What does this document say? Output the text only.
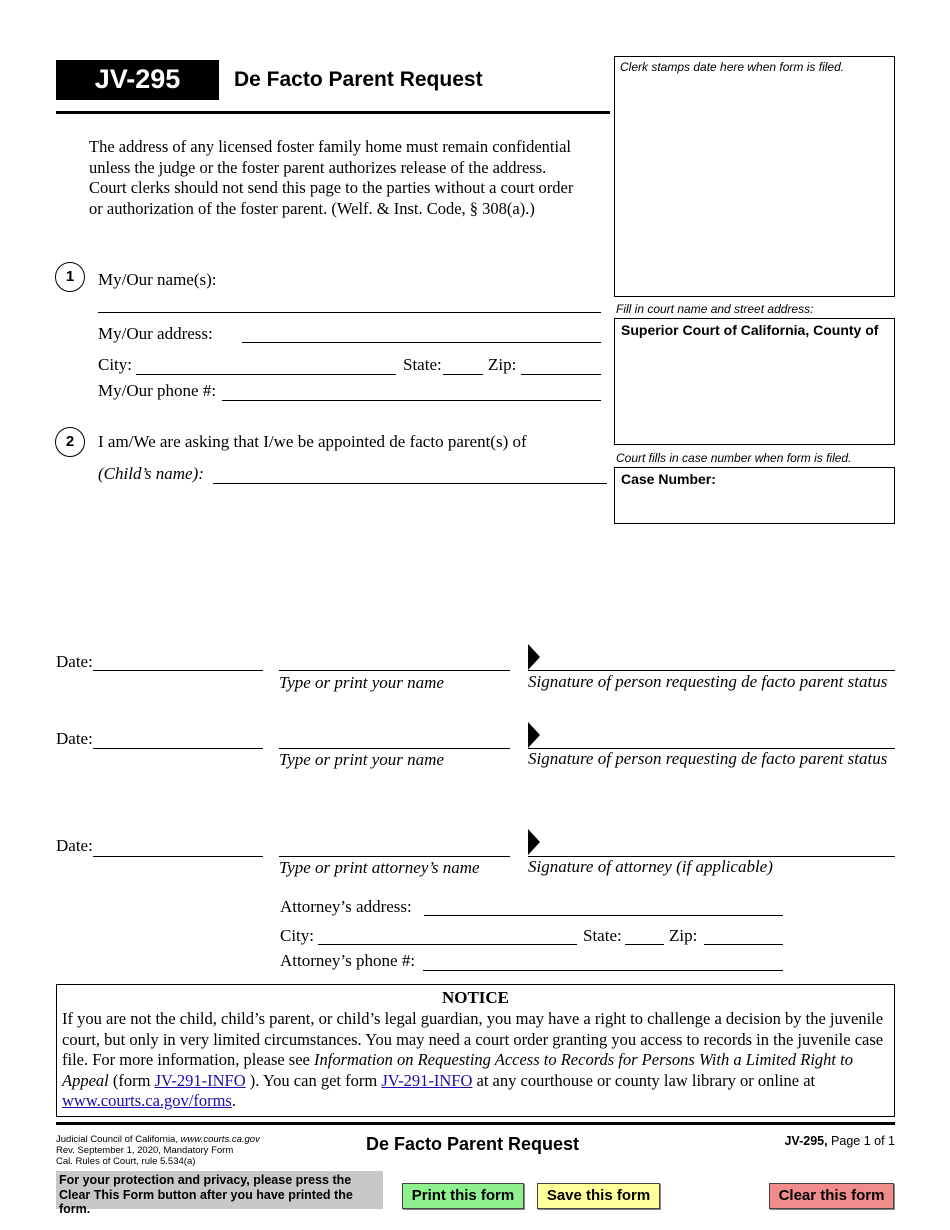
JV-295	De Facto Parent Request
Clerk stamps date here when form is filed.
Fill in court name and street address:
Superior Court of California, County of
Court fills in case number when form is filed.
Case Number:
The address of any licensed foster family home must remain confidential unless the judge or the foster parent authorizes release of the address. Court clerks should not send this page to the parties without a court order or authorization of the foster parent. (Welf. & Inst. Code, § 308(a).)
1	My/Our name(s):
My/Our address:
City:	State:	Zip:
My/Our phone #:
2	I am/We are asking that I/we be appointed de facto parent(s) of
(Child’s name):
Date:
Type or print your name	Signature of person requesting de facto parent status
Date:
Type or print your name	Signature of person requesting de facto parent status
Date:
Type or print attorney’s name	Signature of attorney (if applicable)
Attorney’s address:
City:	State:	Zip:
Attorney’s phone #:
NOTICE
If you are not the child, child’s parent, or child’s legal guardian, you may have a right to challenge a decision by the juvenile court, but only in very limited circumstances. You may need a court order granting you access to records in the juvenile case file. For more information, please see Information on Requesting Access to Records for Persons With a Limited Right to Appeal (form JV-291-INFO ). You can get form JV-291-INFO at any courthouse or county law library or online at www.courts.ca.gov/forms.
Judicial Council of California, www.courts.ca.gov
Rev. September 1, 2020, Mandatory Form
Cal. Rules of Court, rule 5.534(a)
De Facto Parent Request	JV-295, Page 1 of 1
For your protection and privacy, please press the Clear This Form button after you have printed the form.
Print this form	Save this form	Clear this form
